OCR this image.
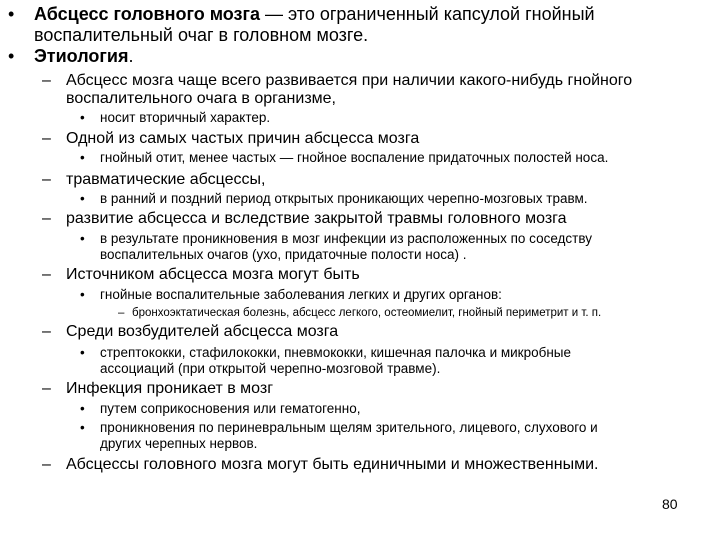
• Абсцесс головного мозга — это ограниченный капсулой гнойный
воспалительный очаг в головном мозге.
• Этиология.
– Абсцесс мозга чаще всего развивается при наличии какого-нибудь гнойного
воспалительного очага в организме,
• носит вторичный характер.
– Одной из самых частых причин абсцесса мозга
• гнойный отит, менее частых — гнойное воспаление придаточных полостей носа.
– травматические абсцессы,
• в ранний и поздний период открытых проникающих черепно-мозговых травм.
– развитие абсцесса и вследствие закрытой травмы головного мозга
• в результате проникновения в мозг инфекции из расположенных по соседству
воспалительных очагов (ухо, придаточные полости носа) .
– Источником абсцесса мозга могут быть
• гнойные воспалительные заболевания легких и других органов:
– бронхоэктатическая болезнь, абсцесс легкого, остеомиелит, гнойный периметрит и т. п.
– Среди возбудителей абсцесса мозга
• стрептококки, стафилококки, пневмококки, кишечная палочка и микробные
ассоциаций (при открытой черепно-мозговой травме).
– Инфекция проникает в мозг
• путем соприкосновения или гематогенно,
• проникновения по периневральным щелям зрительного, лицевого, слухового и
других черепных нервов.
– Абсцессы головного мозга могут быть единичными и множественными.
80
